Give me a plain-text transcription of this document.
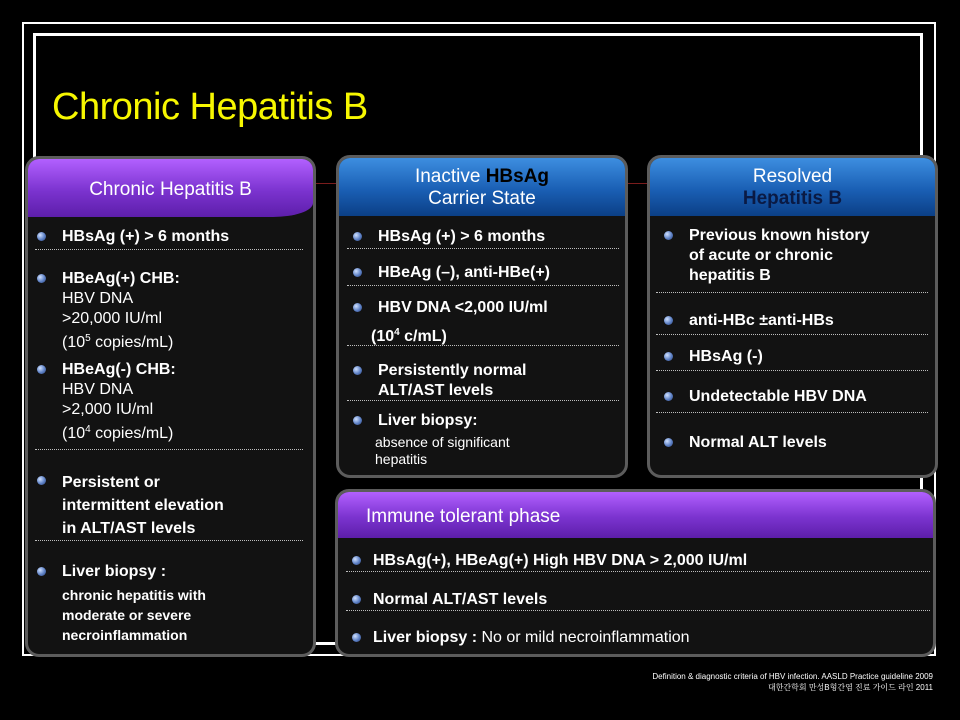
Chronic Hepatitis B
Chronic Hepatitis B
HBsAg (+) > 6 months
HBeAg(+) CHB:
HBV DNA
>20,000 IU/ml
($10^5$ copies/mL)
HBeAg(-) CHB:
HBV DNA
>2,000 IU/ml
($10^4$ copies/mL)
Persistent or
intermittent elevation
in ALT/AST levels
Liver biopsy :
chronic hepatitis with
moderate or severe
necroinflammation
Inactive HBsAg
Carrier State
HBsAg (+) > 6 months
HBeAg (–), anti-HBe(+)
HBV DNA <2,000 IU/ml
($10^4$ c/mL)
Persistently normal
ALT/AST levels
Liver biopsy:
absence of significant
hepatitis
Resolved
Hepatitis B
Previous known history
of acute or chronic
hepatitis B
anti-HBc ±anti-HBs
HBsAg (-)
Undetectable HBV DNA
Normal ALT levels
Immune tolerant phase
HBsAg(+), HBeAg(+) High HBV DNA > 2,000 IU/ml
Normal ALT/AST levels
Liver biopsy : No or mild necroinflammation
Definition & diagnostic criteria of HBV infection. AASLD Practice guideline 2009
대한간학회 만성B형간염 진료 가이드 라인 2011
